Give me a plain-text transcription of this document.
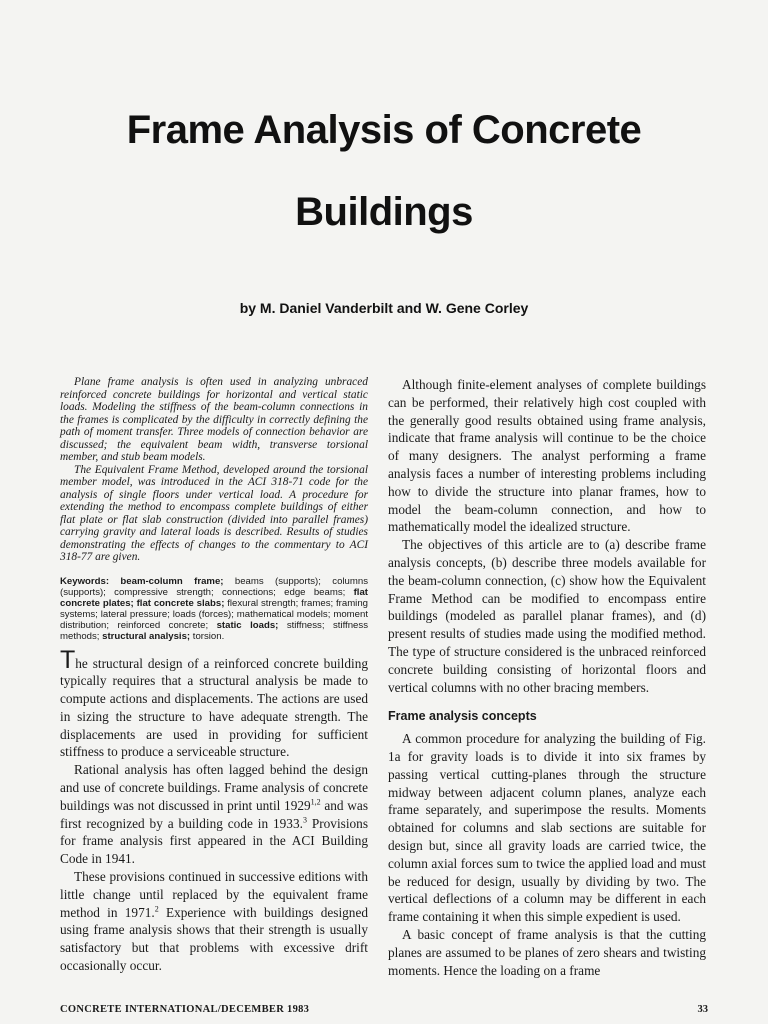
Frame Analysis of Concrete
Buildings

by M. Daniel Vanderbilt and W. Gene Corley

Plane frame analysis is often used in analyzing unbraced reinforced concrete buildings for horizontal and vertical static loads. Modeling the stiffness of the beam-column connections in the frames is complicated by the difficulty in correctly defining the path of moment transfer. Three models of connection behavior are discussed; the equivalent beam width, transverse torsional member, and stub beam models.

The Equivalent Frame Method, developed around the torsional member model, was introduced in the ACI 318-71 code for the analysis of single floors under vertical load. A procedure for extending the method to encompass complete buildings of either flat plate or flat slab construction (divided into parallel frames) carrying gravity and lateral loads is described. Results of studies demonstrating the effects of changes to the commentary to ACI 318-77 are given.

Keywords: beam-column frame; beams (supports); columns (supports); compressive strength; connections; edge beams; flat concrete plates; flat concrete slabs; flexural strength; frames; framing systems; lateral pressure; loads (forces); mathematical models; moment distribution; reinforced concrete; static loads; stiffness; stiffness methods; structural analysis; torsion.

The structural design of a reinforced concrete building typically requires that a structural analysis be made to compute actions and displacements. The actions are used in sizing the structure to have adequate strength. The displacements are used in providing for sufficient stiffness to produce a serviceable structure.

Rational analysis has often lagged behind the design and use of concrete buildings. Frame analysis of concrete buildings was not discussed in print until 1929$^{1,2}$ and was first recognized by a building code in 1933.$^3$ Provisions for frame analysis first appeared in the ACI Building Code in 1941.

These provisions continued in successive editions with little change until replaced by the equivalent frame method in 1971.$^2$ Experience with buildings designed using frame analysis shows that their strength is usually satisfactory but that problems with excessive drift occasionally occur.

Although finite-element analyses of complete buildings can be performed, their relatively high cost coupled with the generally good results obtained using frame analysis, indicate that frame analysis will continue to be the choice of many designers. The analyst performing a frame analysis faces a number of interesting problems including how to divide the structure into planar frames, how to model the beam-column connection, and how to mathematically model the idealized structure.

The objectives of this article are to (a) describe frame analysis concepts, (b) describe three models available for the beam-column connection, (c) show how the Equivalent Frame Method can be modified to encompass entire buildings (modeled as parallel planar frames), and (d) present results of studies made using the modified method. The type of structure considered is the unbraced reinforced concrete building consisting of horizontal floors and vertical columns with no other bracing members.

Frame analysis concepts

A common procedure for analyzing the building of Fig. 1a for gravity loads is to divide it into six frames by passing vertical cutting-planes through the structure midway between adjacent column planes, analyze each frame separately, and superimpose the results. Moments obtained for columns and slab sections are suitable for design but, since all gravity loads are carried twice, the column axial forces sum to twice the applied load and must be reduced for design, usually by dividing by two. The vertical deflections of a column may be different in each frame containing it when this simple expedient is used.

A basic concept of frame analysis is that the cutting planes are assumed to be planes of zero shears and twisting moments. Hence the loading on a frame

CONCRETE INTERNATIONAL/DECEMBER 1983	33
